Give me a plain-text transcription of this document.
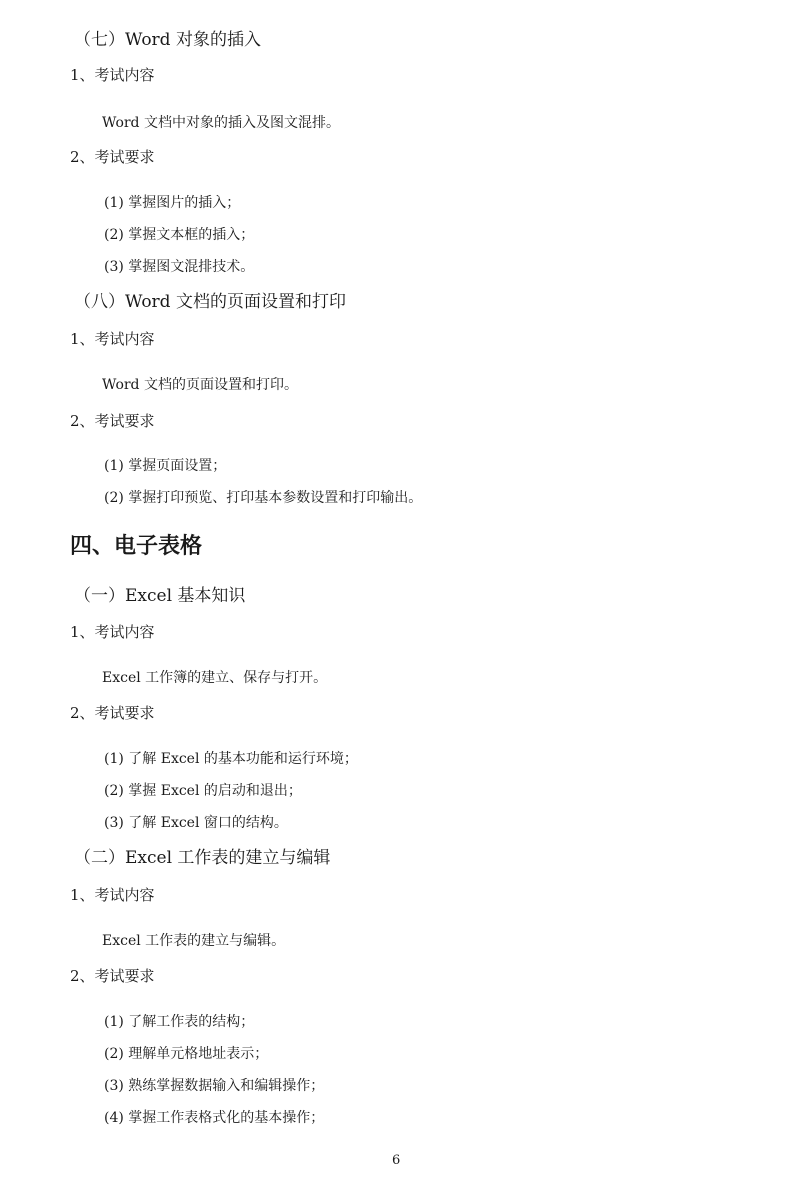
（七）Word 对象的插入
1、考试内容
Word 文档中对象的插入及图文混排。
2、考试要求
(1) 掌握图片的插入；
(2) 掌握文本框的插入；
(3) 掌握图文混排技术。
（八）Word 文档的页面设置和打印
1、考试内容
Word 文档的页面设置和打印。
2、考试要求
(1) 掌握页面设置；
(2) 掌握打印预览、打印基本参数设置和打印输出。
四、电子表格
（一）Excel 基本知识
1、考试内容
Excel 工作簿的建立、保存与打开。
2、考试要求
(1) 了解 Excel 的基本功能和运行环境；
(2) 掌握 Excel 的启动和退出；
(3) 了解 Excel 窗口的结构。
（二）Excel 工作表的建立与编辑
1、考试内容
Excel 工作表的建立与编辑。
2、考试要求
(1) 了解工作表的结构；
(2) 理解单元格地址表示；
(3) 熟练掌握数据输入和编辑操作；
(4) 掌握工作表格式化的基本操作；
6
